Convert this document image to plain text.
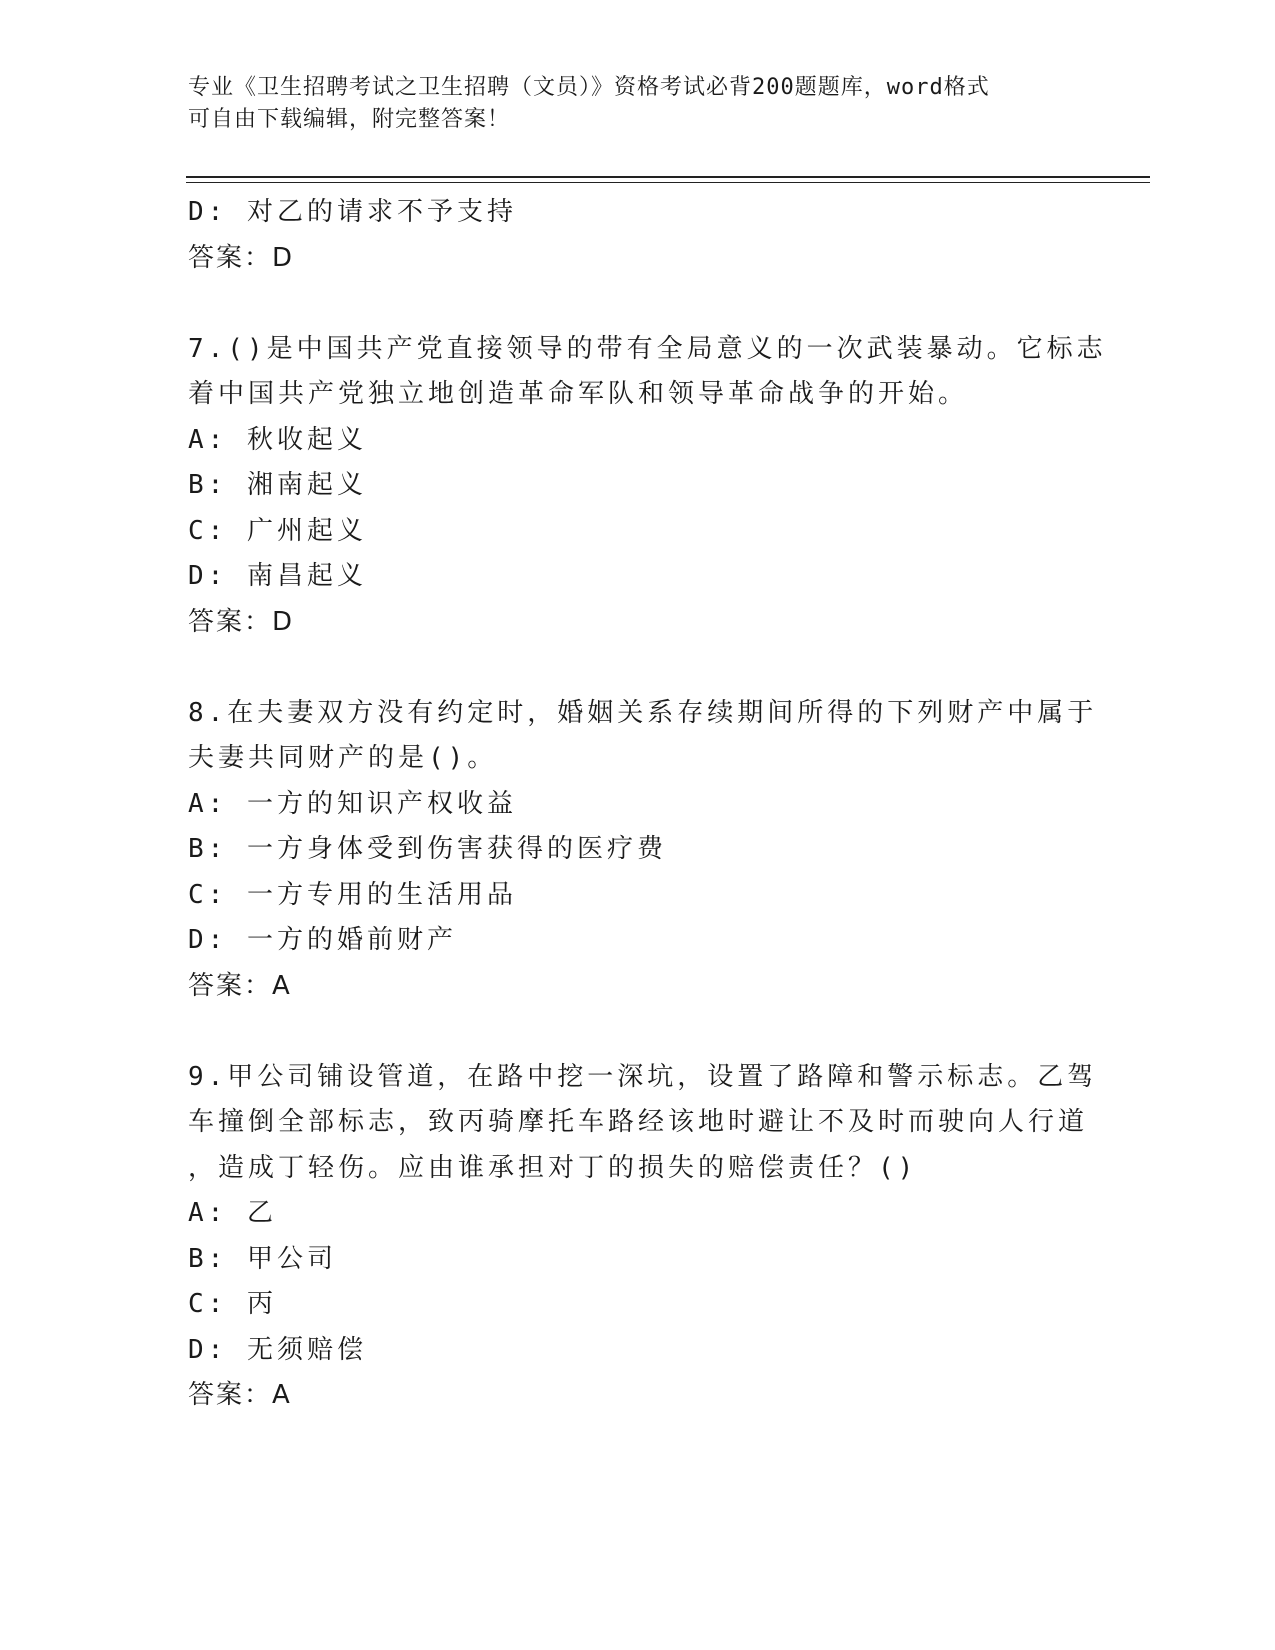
专业《卫生招聘考试之卫生招聘（文员）》资格考试必背200题题库，word格式
可自由下载编辑，附完整答案！
D: 对乙的请求不予支持
答案：D
7.()是中国共产党直接领导的带有全局意义的一次武装暴动。它标志
着中国共产党独立地创造革命军队和领导革命战争的开始。
A: 秋收起义
B: 湘南起义
C: 广州起义
D: 南昌起义
答案：D
8.在夫妻双方没有约定时，婚姻关系存续期间所得的下列财产中属于
夫妻共同财产的是()。
A: 一方的知识产权收益
B: 一方身体受到伤害获得的医疗费
C: 一方专用的生活用品
D: 一方的婚前财产
答案：A
9.甲公司铺设管道，在路中挖一深坑，设置了路障和警示标志。乙驾
车撞倒全部标志，致丙骑摩托车路经该地时避让不及时而驶向人行道
，造成丁轻伤。应由谁承担对丁的损失的赔偿责任？()
A: 乙
B: 甲公司
C: 丙
D: 无须赔偿
答案：A
